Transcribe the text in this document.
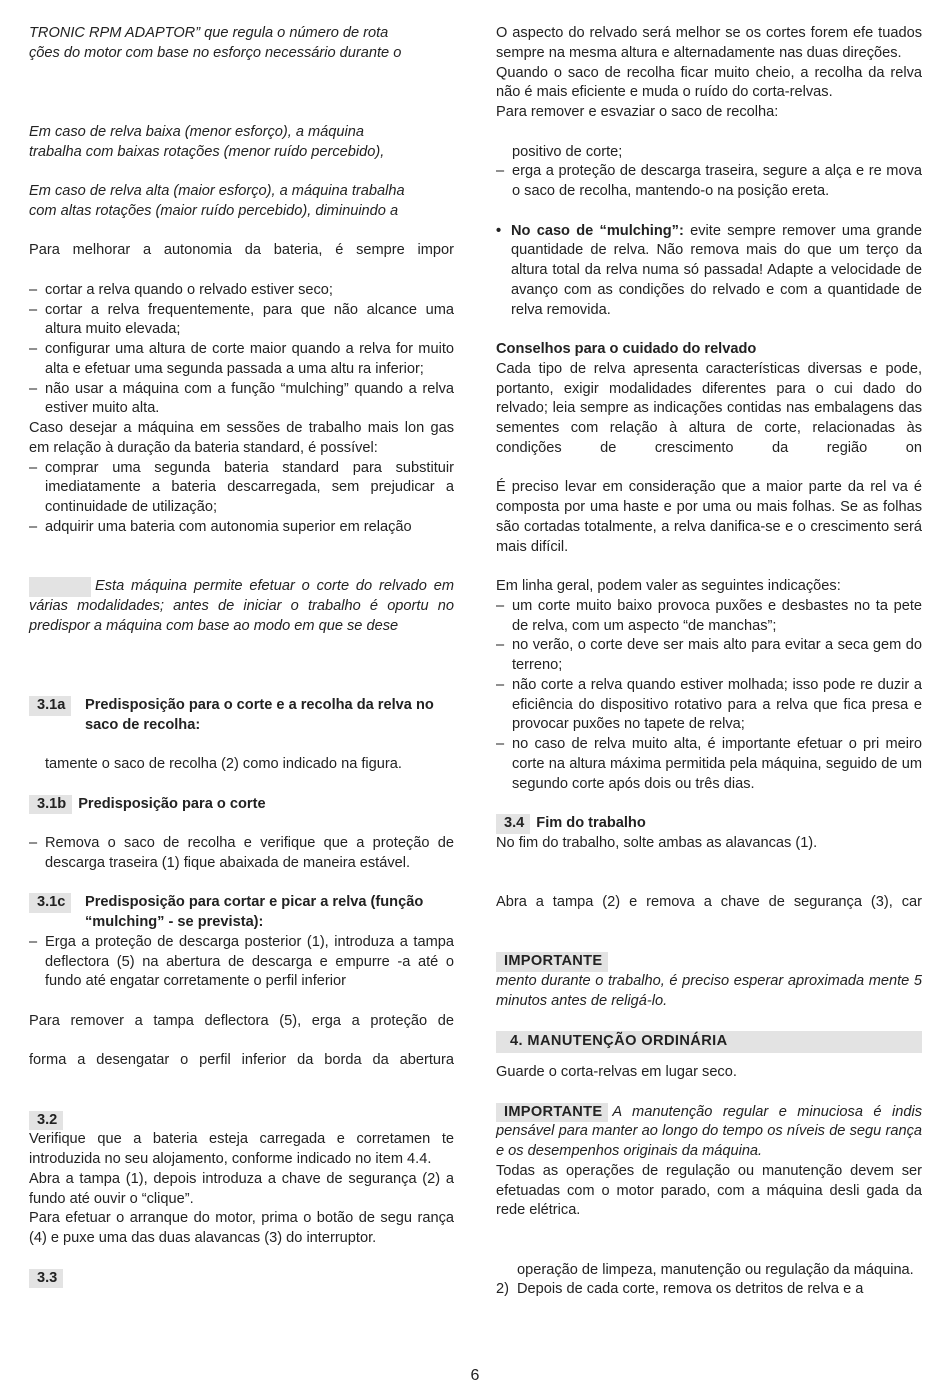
TRONIC RPM ADAPTOR” que regula o número de rota
ções do motor com base no esforço necessário durante o

Em caso de relva baixa (menor esforço), a máquina
trabalha com baixas rotações (menor ruído percebido),

Em caso de relva alta (maior esforço), a máquina trabalha
com altas rotações (maior ruído percebido), diminuindo a

Para melhorar a autonomia da bateria, é sempre impor

– cortar a relva quando o relvado estiver seco;
– cortar a relva frequentemente, para que não alcance uma altura muito elevada;
– configurar uma altura de corte maior quando a relva for muito alta e efetuar uma segunda passada a uma altu ra inferior;
– não usar a máquina com a função “mulching” quando a relva estiver muito alta.

Caso desejar a máquina em sessões de trabalho mais lon gas em relação à duração da bateria standard, é possível:

– comprar uma segunda bateria standard para substituir imediatamente a bateria descarregada, sem prejudicar a continuidade de utilização;
– adquirir uma bateria com autonomia superior em relação

Esta máquina permite efetuar o corte do relvado em várias modalidades; antes de iniciar o trabalho é oportu no predispor a máquina com base ao modo em que se dese

3.1a	Predisposição para o corte e a recolha da relva no saco de recolha:

tamente o saco de recolha (2) como indicado na figura.

3.1b Predisposição para o corte
– Remova o saco de recolha e verifique que a proteção de descarga traseira (1) fique abaixada de maneira estável.
3.1c	Predisposição para cortar e picar a relva (função “mulching” - se prevista):
– Erga a proteção de descarga posterior (1), introduza a tampa deflectora (5) na abertura de descarga e empurre -a até o fundo até engatar corretamente o perfil inferior

Para remover a tampa deflectora (5), erga a proteção de

forma a desengatar o perfil inferior da borda da abertura

3.2

Verifique que a bateria esteja carregada e corretamen te introduzida no seu alojamento, conforme indicado no item 4.4.

Abra a tampa (1), depois introduza a chave de segurança (2) a fundo até ouvir o “clique”.

Para efetuar o arranque do motor, prima o botão de segu rança (4) e puxe uma das duas alavancas (3) do interruptor.

3.3

O aspecto do relvado será melhor se os cortes forem efe tuados sempre na mesma altura e alternadamente nas duas direções.

Quando o saco de recolha ficar muito cheio, a recolha da relva não é mais eficiente e muda o ruído do corta-relvas.

Para remover e esvaziar o saco de recolha:

positivo de corte;

– erga a proteção de descarga traseira, segure a alça e re mova o saco de recolha, mantendo-o na posição ereta.
• No caso de “mulching”: evite sempre remover uma grande quantidade de relva. Não remova mais do que um terço da altura total da relva numa só passada! Adapte a velocidade de avanço com as condições do relvado e com a quantidade de relva removida.

Conselhos para o cuidado do relvado

Cada tipo de relva apresenta características diversas e pode, portanto, exigir modalidades diferentes para o cui dado do relvado; leia sempre as indicações contidas nas embalagens das sementes com relação à altura de corte, relacionadas às condições de crescimento da região on

É preciso levar em consideração que a maior parte da rel va é composta por uma haste e por uma ou mais folhas. Se as folhas são cortadas totalmente, a relva danifica-se e o crescimento será mais difícil.

Em linha geral, podem valer as seguintes indicações:

– um corte muito baixo provoca puxões e desbastes no ta pete de relva, com um aspecto “de manchas”;
– no verão, o corte deve ser mais alto para evitar a seca gem do terreno;
– não corte a relva quando estiver molhada; isso pode re duzir a eficiência do dispositivo rotativo para a relva que fica presa e provocar puxões no tapete de relva;
– no caso de relva muito alta, é importante efetuar o pri meiro corte na altura máxima permitida pela máquina, seguido de um segundo corte após dois ou três dias.
3.4 Fim do trabalho

No fim do trabalho, solte ambas as alavancas (1).

Abra a tampa (2) e remova a chave de segurança (3), car

IMPORTANTE

mento durante o trabalho, é preciso esperar aproximada mente 5 minutos antes de religá-lo.

4. MANUTENÇÃO ORDINÁRIA

Guarde o corta-relvas em lugar seco.

IMPORTANTE A manutenção regular e minuciosa é indis pensável para manter ao longo do tempo os níveis de segu rança e os desempenhos originais da máquina.

Todas as operações de regulação ou manutenção devem ser efetuadas com o motor parado, com a máquina desli gada da rede elétrica.

operação de limpeza, manutenção ou regulação da máquina.

2) Depois de cada corte, remova os detritos de relva e a
6
